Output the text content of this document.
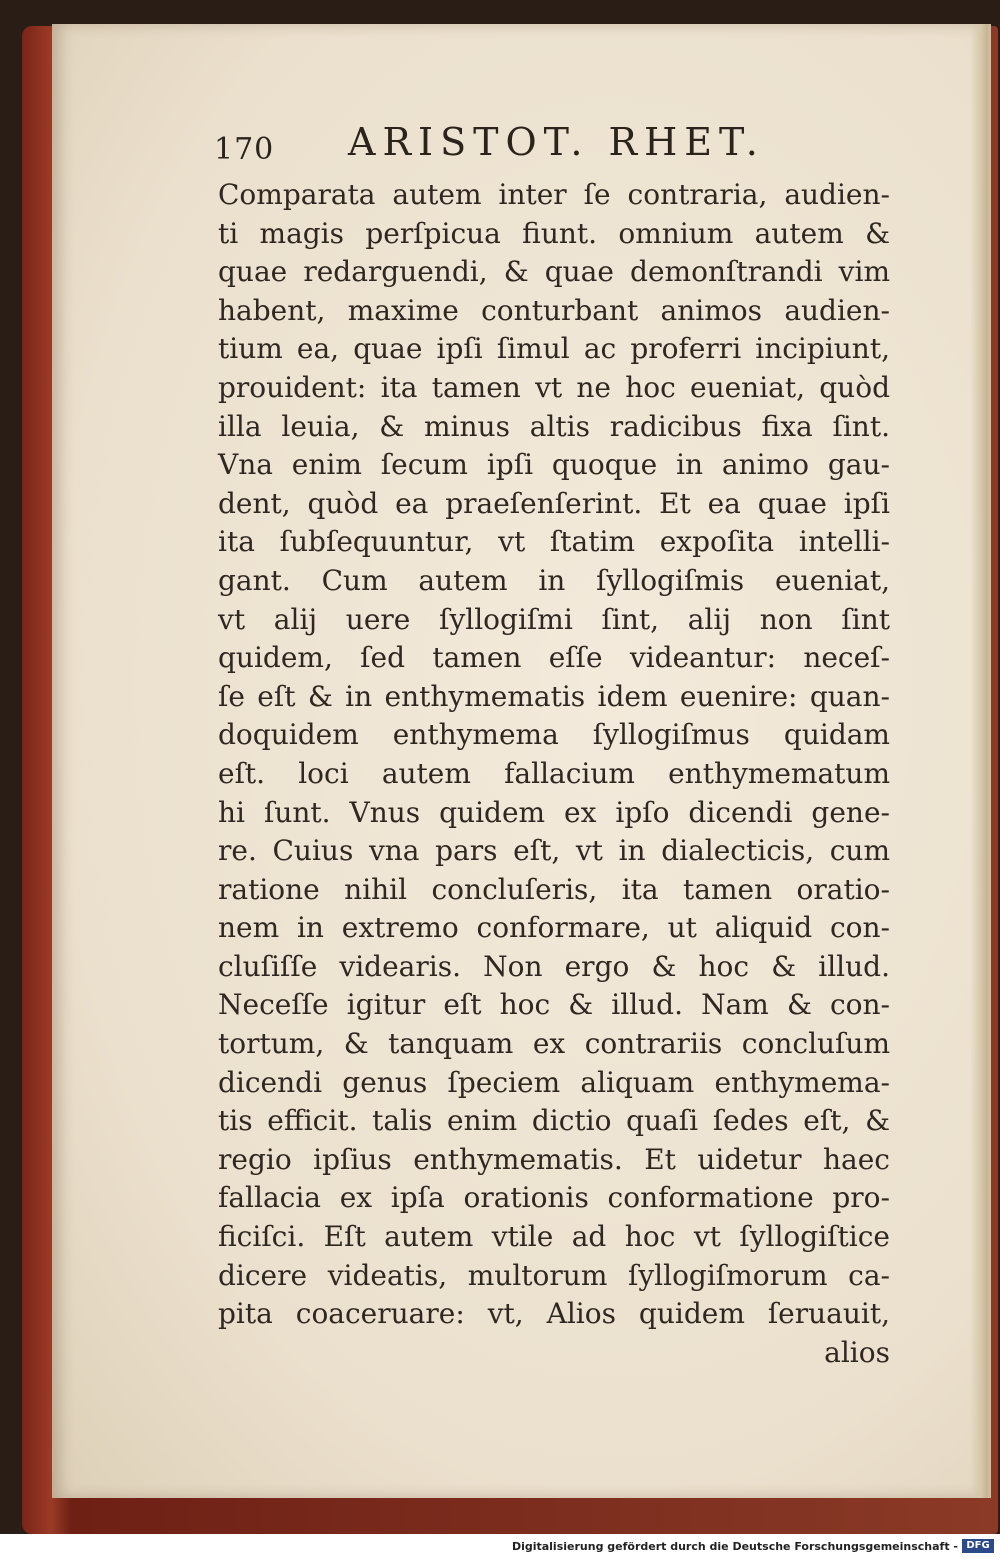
170 ARISTOT. RHET.
Comparata autem inter ſe contraria, audien-
ti magis perſpicua fiunt. omnium autem &
quae redarguendi, & quae demonſtrandi vim
habent, maxime conturbant animos audien-
tium ea, quae ipſi ſimul ac proferri incipiunt,
prouident: ita tamen vt ne hoc eueniat, quòd
illa leuia, & minus altis radicibus fixa ſint.
Vna enim ſecum ipſi quoque in animo gau-
dent, quòd ea praeſenſerint. Et ea quae ipſi
ita ſubſequuntur, vt ſtatim expoſita intelli-
gant. Cum autem in ſyllogiſmis eueniat,
vt alij uere ſyllogiſmi ſint, alij non ſint
quidem, ſed tamen eſſe videantur: neceſ-
ſe eſt & in enthymematis idem euenire: quan-
doquidem enthymema ſyllogiſmus quidam
eſt. loci autem fallacium enthymematum
hi ſunt. Vnus quidem ex ipſo dicendi gene-
re. Cuius vna pars eſt, vt in dialecticis, cum
ratione nihil concluſeris, ita tamen oratio-
nem in extremo conformare, ut aliquid con-
cluſiſſe videaris. Non ergo & hoc & illud.
Neceſſe igitur eſt hoc & illud. Nam & con-
tortum, & tanquam ex contrariis concluſum
dicendi genus ſpeciem aliquam enthymema-
tis efficit. talis enim dictio quaſi ſedes eſt, &
regio ipſius enthymematis. Et uidetur haec
fallacia ex ipſa orationis conformatione pro-
ficiſci. Eſt autem vtile ad hoc vt ſyllogiſtice
dicere videatis, multorum ſyllogiſmorum ca-
pita coaceruare: vt, Alios quidem ſeruauit,
alios
Digitalisierung gefördert durch die Deutsche Forschungsgemeinschaft - DFG
